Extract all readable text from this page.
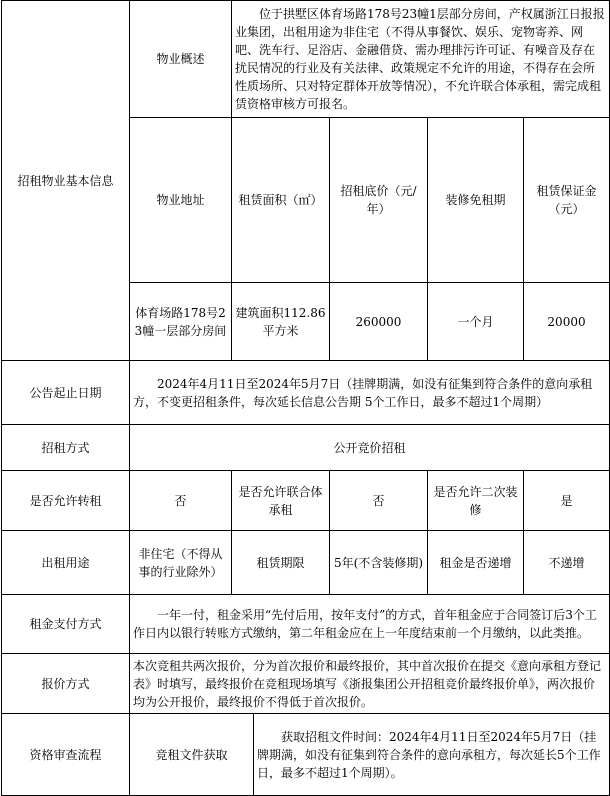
招租物业基本信息	物业概述	位于拱墅区体育场路178号23幢1层部分房间，产权属浙江日报报业集团，出租用途为非住宅（不得从事餐饮、娱乐、宠物寄养、网吧、洗车行、足浴店、金融借贷、需办理排污许可证、有噪音及存在扰民情况的行业及有关法律、政策规定不允许的用途，不得存在会所性质场所、只对特定群体开放等情况），不允许联合体承租，需完成租赁资格审核方可报名。					
	物业地址	租赁面积（㎡）		招租底价（元/年）	装修免租期	租赁保证金（元）	
	体育场路178号23幢一层部分房间	建筑面积112.86平方米		260000	一个月	20000	
公告起止日期	2024年4月11日至2024年5月7日（挂牌期满，如没有征集到符合条件的意向承租方，不变更招租条件，每次延长信息公告期 5个工作日，最多不超过1个周期）						
招租方式	公开竞价招租						
是否允许转租	否	是否允许联合体承租		否	是否允许二次装修	是	
出租用途	非住宅（不得从事的行业除外）	租赁期限		5年(不含装修期)	租金是否递增	不递增	
租金支付方式	一年一付，租金采用“先付后用，按年支付”的方式，首年租金应于合同签订后3个工作日内以银行转账方式缴纳，第二年租金应在上一年度结束前一个月缴纳，以此类推。						
报价方式	本次竞租共两次报价，分为首次报价和最终报价，其中首次报价在提交《意向承租方登记表》时填写，最终报价在竞租现场填写《浙报集团公开招租竞价最终报价单》，两次报价均为公开报价，最终报价不得低于首次报价。						
资格审查流程	竞租文件获取		获取招租文件时间：2024年4月11日至2024年5月7日（挂牌期满，如没有征集到符合条件的意向承租方，每次延长5个工作日，最多不超过1个周期）。				
